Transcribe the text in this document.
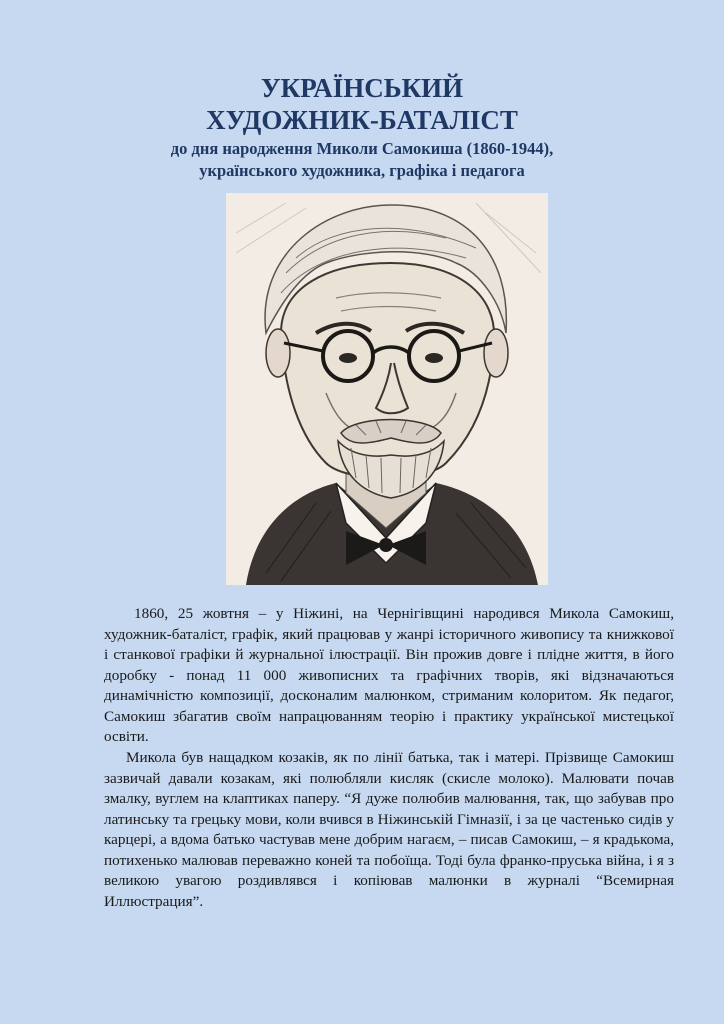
УКРАЇНСЬКИЙ
ХУДОЖНИК-БАТАЛІСТ
до дня народження Миколи Самокиша (1860-1944),
українського художника, графіка і педагога

1860, 25 жовтня – у Ніжині, на Чернігівщині народився Микола Самокиш, художник-баталіст, графік, який працював у жанрі історичного живопису та книжкової і станкової графіки й журнальної ілюстрації. Він прожив довге і плідне життя, в його доробку - понад 11 000 живописних та графічних творів, які відзначаються динамічністю композиції, досконалим малюнком, стриманим колоритом. Як педагог, Самокиш збагатив своїм напрацюванням теорію і практику української мистецької освіти.

Микола був нащадком козаків, як по лінії батька, так і матері. Прізвище Самокиш зазвичай давали козакам, які полюбляли кисляк (скисле молоко). Малювати почав змалку, вуглем на клаптиках паперу. “Я дуже полюбив малювання, так, що забував про латинську та грецьку мови, коли вчився в Ніжинській Гімназії, і за це частенько сидів у карцері, а вдома батько частував мене добрим нагаєм, – писав Самокиш, – я крадькома, потихенько малював переважно коней та побоїща. Тоді була франко-пруська війна, і я з великою увагою роздивлявся і копіював малюнки в журналі “Всемирная Иллюстрация”.
